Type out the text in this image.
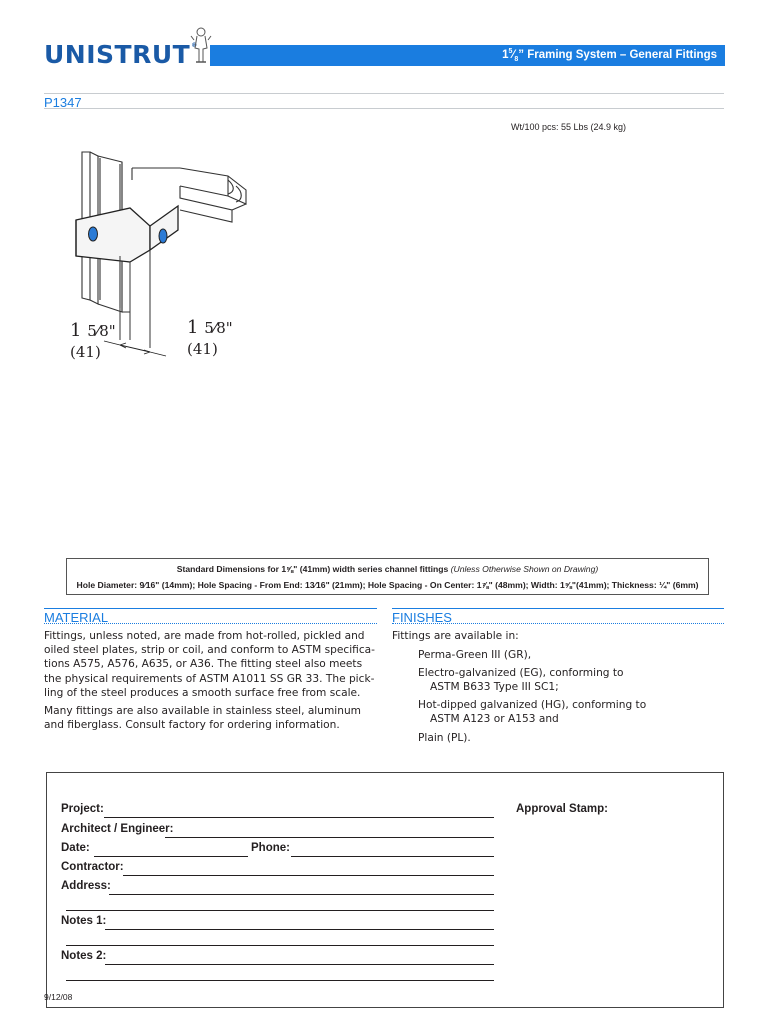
UNISTRUT®
$1^5⁄_8$” Framing System – General Fittings
P1347
Wt/100 pcs: 55 Lbs (24.9 kg)
1 5⁄8"
(41)
1 5⁄8"
(41)
Standard Dimensions for 1⅝" (41mm) width series channel fittings (Unless Otherwise Shown on Drawing)
Hole Diameter: 9⁄16" (14mm); Hole Spacing - From End: 13⁄16" (21mm); Hole Spacing - On Center: 1⅞" (48mm); Width: 1⅝"(41mm); Thickness: ¼" (6mm)
MATERIAL
Fittings, unless noted, are made from hot-rolled, pickled and
oiled steel plates, strip or coil, and conform to ASTM specifica-
tions A575, A576, A635, or A36. The fitting steel also meets
the physical requirements of ASTM A1011 SS GR 33. The pick-
ling of the steel produces a smooth surface free from scale.
Many fittings are also available in stainless steel, aluminum
and fiberglass. Consult factory for ordering information.
FINISHES
Fittings are available in:
Perma-Green III (GR),
Electro-galvanized (EG), conforming to
ASTM B633 Type III SC1;
Hot-dipped galvanized (HG), conforming to
ASTM A123 or A153 and
Plain (PL).
Project:
Architect / Engineer:
Date:	Phone:
Contractor:
Address:
Notes 1:
Notes 2:
Approval Stamp:
9/12/08
